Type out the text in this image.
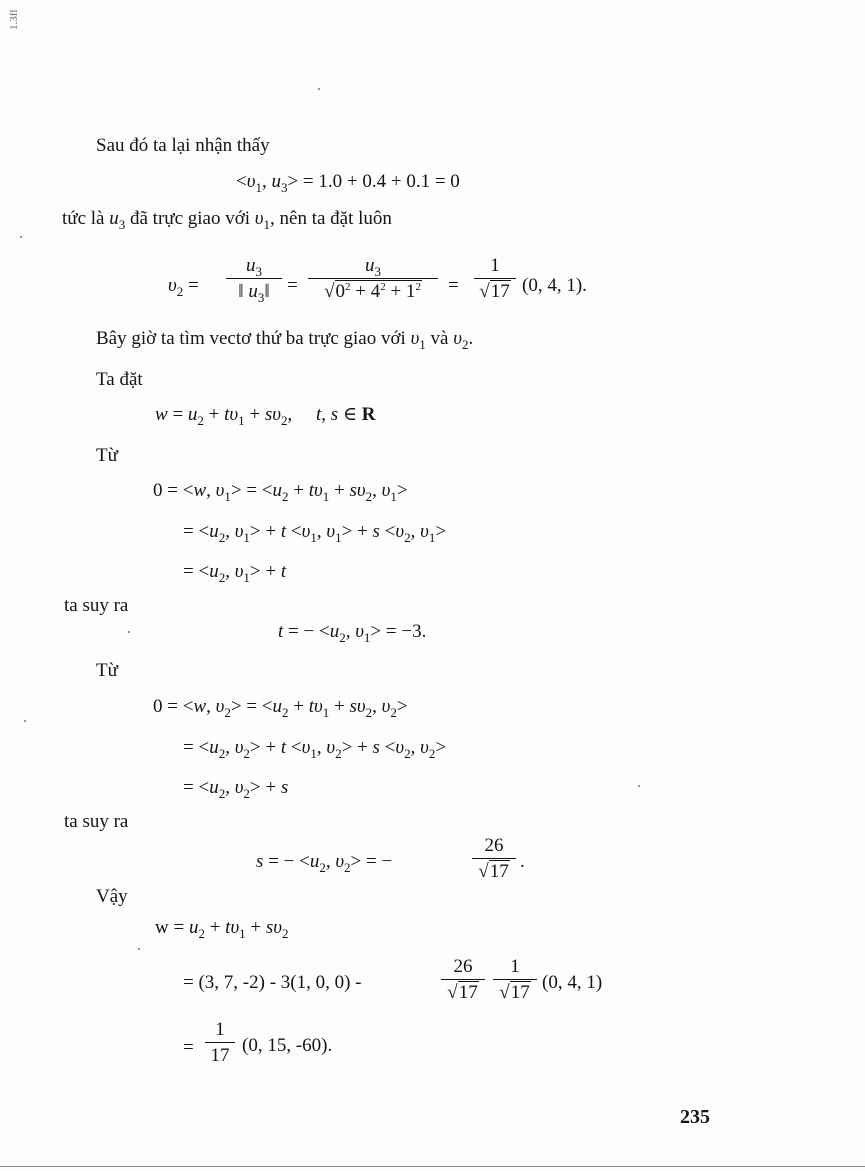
1.3fl
Sau đó ta lại nhận thấy
$<\upsilon_1$, $u_3> = 1.0 + 0.4 + 0.1 = 0$
tức là $u_3$ đã trực giao với $\upsilon_1$, nên ta đặt luôn
$\upsilon_2$ =
$u_3$
‖ $u_3‖$ =
$u_3$
$√0^2 + 4^2 + 1^2$	=
1
√17 (0, 4, 1).
Bây giờ ta tìm vectơ thứ ba trực giao với $\upsilon_1$ và $\upsilon_2$.
Ta đặt
$w = u_2 + t\upsilon_1 + s\upsilon_2$,     t, s ∈ R
Từ
0 = <w, $\upsilon_1> = <u_2 + t\upsilon_1 + s\upsilon_2$, $\upsilon_1>$
= $<u_2$, $\upsilon_1> + t <\upsilon_1$, $\upsilon_1> + s <\upsilon_2$, $\upsilon_1>$
= $<u_2$, $\upsilon_1> + t$
ta suy ra
t = − $<u_2$, $\upsilon_1> = -3$.
Từ
0 = <w, $\upsilon_2> = <u_2 + t\upsilon_1 + s\upsilon_2$, $\upsilon_2>$
= $<u_2$, $\upsilon_2> + t <\upsilon_1$, $\upsilon_2> + s <\upsilon_2$, $\upsilon_2>$
= $<u_2$, $\upsilon_2> + s$
ta suy ra
s = − $<u_2$, $\upsilon_2>$ = −
26
√17 .
Vậy
$w = u_2 + t\upsilon_1 + s\upsilon_2$
= (3, 7, -2) - 3(1, 0, 0) -
26
√17
1
√17 (0, 4, 1)
=
1
17 (0, 15, -60).
235
